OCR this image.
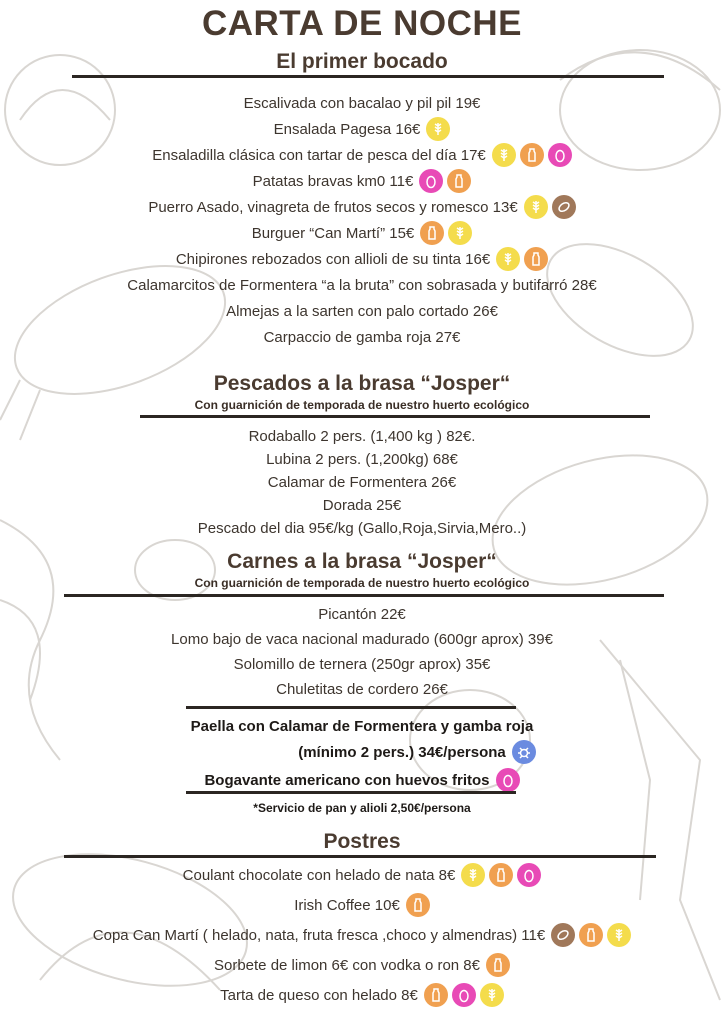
CARTA DE NOCHE
El primer bocado
Escalivada con bacalao y pil pil 19€
Ensalada Pagesa 16€
Ensaladilla clásica con tartar de pesca del día 17€
Patatas bravas km0 11€
Puerro Asado, vinagreta de frutos secos y romesco 13€
Burguer “Can Martí” 15€
Chipirones rebozados con allioli de su tinta 16€
Calamarcitos de Formentera “a la bruta” con sobrasada y butifarró 28€
Almejas a la sarten con palo cortado 26€
Carpaccio de gamba roja 27€
Pescados a la brasa “Josper“
Con guarnición de temporada de nuestro huerto ecológico
Rodaballo 2 pers. (1,400 kg ) 82€.
Lubina 2 pers. (1,200kg) 68€
Calamar de Formentera 26€
Dorada 25€
Pescado del dia 95€/kg (Gallo,Roja,Sirvia,Mero..)
Carnes a la brasa “Josper“
Con guarnición de temporada de nuestro huerto ecológico
Picantón 22€
Lomo bajo de vaca nacional madurado (600gr aprox) 39€
Solomillo de ternera (250gr aprox) 35€
Chuletitas de cordero 26€
Paella con Calamar de Formentera y gamba roja
(mínimo 2 pers.) 34€/persona
Bogavante americano con huevos fritos
*Servicio de pan y alioli 2,50€/persona
Postres
Coulant chocolate con helado de nata 8€
Irish Coffee 10€
Copa Can Martí ( helado, nata, fruta fresca ,choco y almendras) 11€
Sorbete de limon 6€ con vodka o ron 8€
Tarta de queso con helado 8€
